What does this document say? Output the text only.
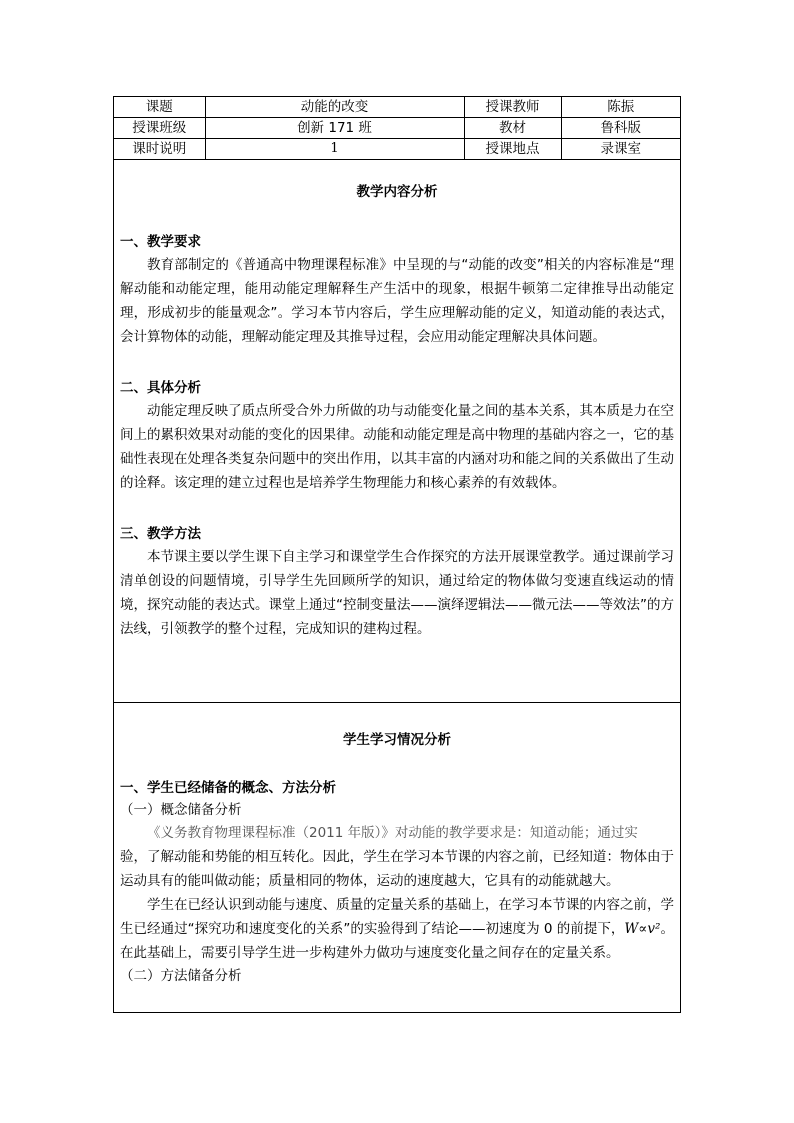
课题	动能的改变	授课教师	陈振
授课班级	创新 171 班	教材	鲁科版
课时说明	1	授课地点	录课室

教学内容分析

一、教学要求

教育部制定的《普通高中物理课程标准》中呈现的与“动能的改变”相关的内容标准是“理解动能和动能定理，能用动能定理解释生产生活中的现象，根据牛顿第二定律推导出动能定理，形成初步的能量观念”。学习本节内容后，学生应理解动能的定义，知道动能的表达式，会计算物体的动能，理解动能定理及其推导过程，会应用动能定理解决具体问题。

二、具体分析

动能定理反映了质点所受合外力所做的功与动能变化量之间的基本关系，其本质是力在空间上的累积效果对动能的变化的因果律。动能和动能定理是高中物理的基础内容之一，它的基础性表现在处理各类复杂问题中的突出作用，以其丰富的内涵对功和能之间的关系做出了生动的诠释。该定理的建立过程也是培养学生物理能力和核心素养的有效载体。

三、教学方法

本节课主要以学生课下自主学习和课堂学生合作探究的方法开展课堂教学。通过课前学习清单创设的问题情境，引导学生先回顾所学的知识，通过给定的物体做匀变速直线运动的情境，探究动能的表达式。课堂上通过“控制变量法——演绎逻辑法——微元法——等效法”的方法线，引领教学的整个过程，完成知识的建构过程。

学生学习情况分析

一、学生已经储备的概念、方法分析

（一）概念储备分析

《义务教育物理课程标准（2011 年版）》对动能的教学要求是：知道动能；通过实

验，了解动能和势能的相互转化。因此，学生在学习本节课的内容之前，已经知道：物体由于运动具有的能叫做动能；质量相同的物体，运动的速度越大，它具有的动能就越大。

学生在已经认识到动能与速度、质量的定量关系的基础上，在学习本节课的内容之前，学生已经通过“探究功和速度变化的关系”的实验得到了结论——初速度为 0 的前提下，W∝v²。在此基础上，需要引导学生进一步构建外力做功与速度变化量之间存在的定量关系。

（二）方法储备分析
